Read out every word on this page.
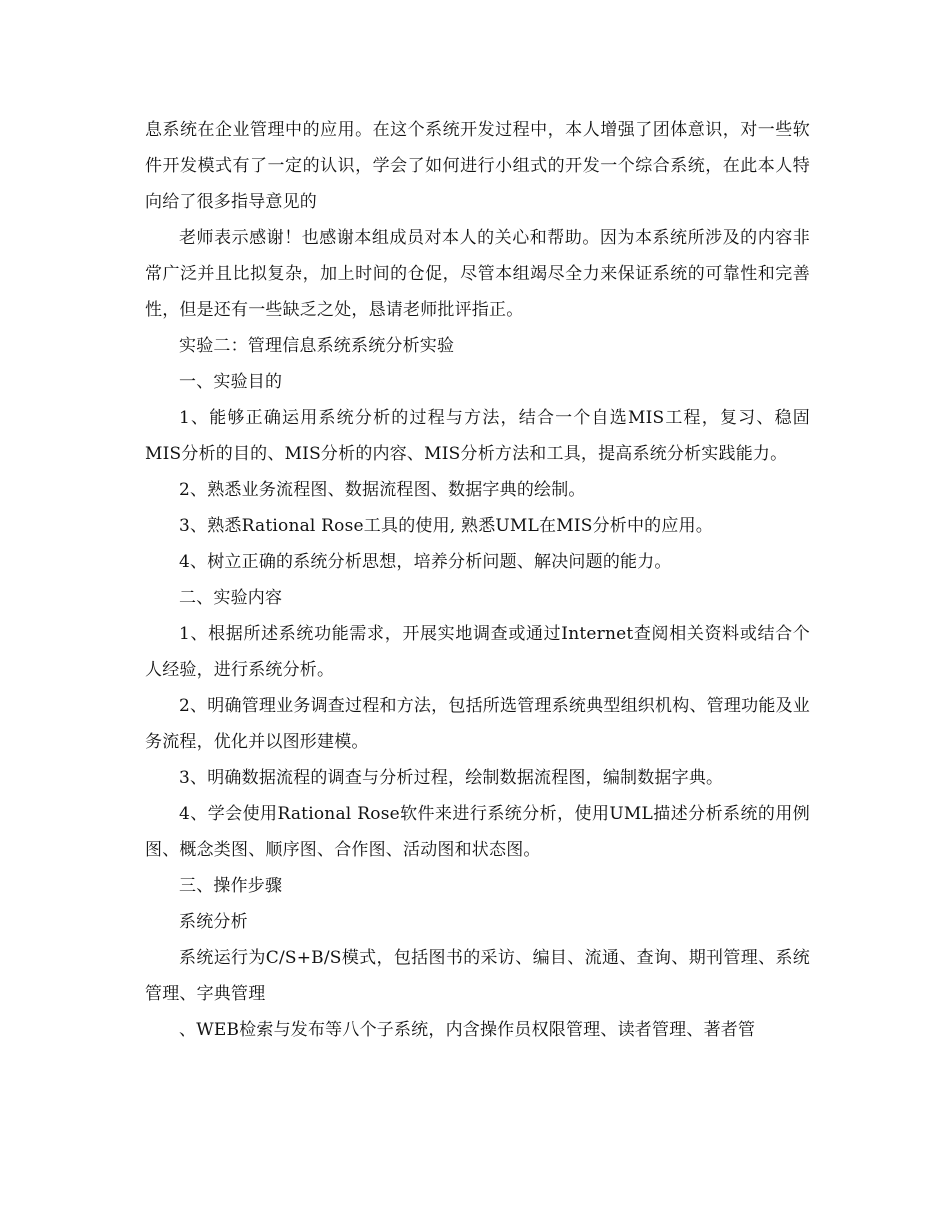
息系统在企业管理中的应用。在这个系统开发过程中，本人增强了团体意识，对一些软件开发模式有了一定的认识，学会了如何进行小组式的开发一个综合系统，在此本人特向给了很多指导意见的

老师表示感谢！也感谢本组成员对本人的关心和帮助。因为本系统所涉及的内容非常广泛并且比拟复杂，加上时间的仓促，尽管本组竭尽全力来保证系统的可靠性和完善性，但是还有一些缺乏之处，恳请老师批评指正。

实验二：管理信息系统系统分析实验

一、实验目的

1、能够正确运用系统分析的过程与方法，结合一个自选MIS工程，复习、稳固MIS分析的目的、MIS分析的内容、MIS分析方法和工具，提高系统分析实践能力。

2、熟悉业务流程图、数据流程图、数据字典的绘制。

3、熟悉Rational Rose工具的使用, 熟悉UML在MIS分析中的应用。

4、树立正确的系统分析思想，培养分析问题、解决问题的能力。

二、实验内容

1、根据所述系统功能需求，开展实地调查或通过Internet查阅相关资料或结合个人经验，进行系统分析。

2、明确管理业务调查过程和方法，包括所选管理系统典型组织机构、管理功能及业务流程，优化并以图形建模。

3、明确数据流程的调查与分析过程，绘制数据流程图，编制数据字典。

4、学会使用Rational Rose软件来进行系统分析，使用UML描述分析系统的用例图、概念类图、顺序图、合作图、活动图和状态图。

三、操作步骤

系统分析

系统运行为C/S+B/S模式，包括图书的采访、编目、流通、查询、期刊管理、系统管理、字典管理

、WEB检索与发布等八个子系统，内含操作员权限管理、读者管理、著者管
